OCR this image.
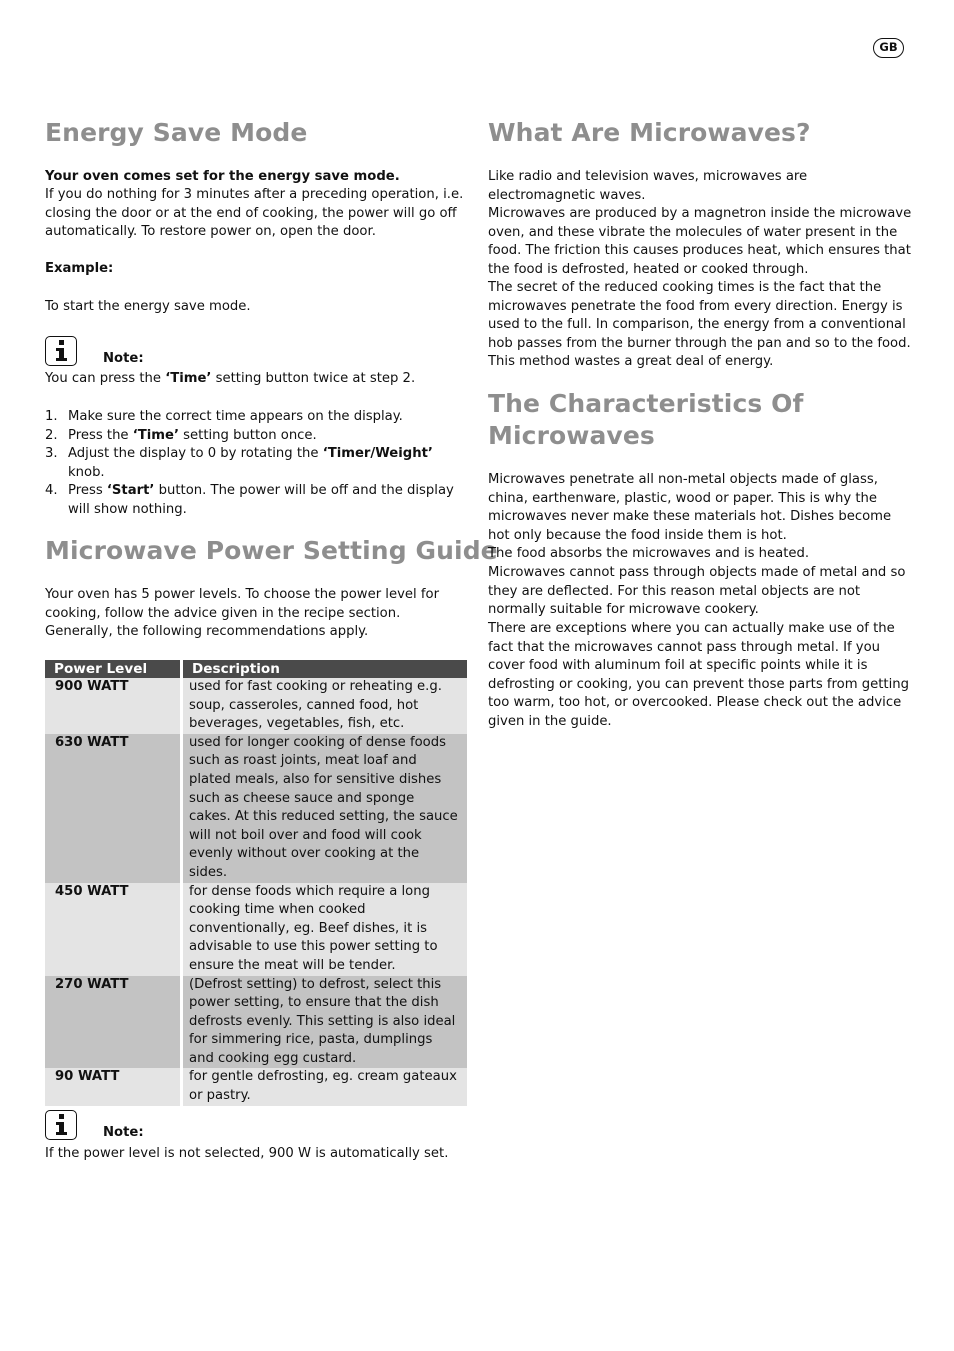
GB
Energy Save Mode

Your oven comes set for the energy save mode.

If you do nothing for 3 minutes after a preceding operation, i.e. closing the door or at the end of cooking, the power will go off automatically. To restore power on, open the door.

Example:

To start the energy save mode.

Note:

You can press the ‘Time’ setting button twice at step 2.

1. Make sure the correct time appears on the display.
2. Press the ‘Time’ setting button once.
3. Adjust the display to 0 by rotating the ‘Timer/Weight’ knob.
4. Press ‘Start’ button. The power will be off and the display will show nothing.
Microwave Power Setting Guide

Your oven has 5 power levels. To choose the power level for cooking, follow the advice given in the recipe section. Generally, the following recommendations apply.

Power Level	Description
900 WATT	used for fast cooking or reheating e.g. soup, casseroles, canned food, hot beverages, vegetables, fish, etc.
630 WATT	used for longer cooking of dense foods such as roast joints, meat loaf and plated meals, also for sensitive dishes such as cheese sauce and sponge cakes. At this reduced setting, the sauce will not boil over and food will cook evenly without over cooking at the sides.
450 WATT	for dense foods which require a long cooking time when cooked conventionally, eg. Beef dishes, it is advisable to use this power setting to ensure the meat will be tender.
270 WATT	(Defrost setting) to defrost, select this power setting, to ensure that the dish defrosts evenly. This setting is also ideal for simmering rice, pasta, dumplings and cooking egg custard.
90 WATT	for gentle defrosting, eg. cream gateaux or pastry.
Note:

If the power level is not selected, 900 W is automatically set.

What Are Microwaves?

Like radio and television waves, microwaves are electromagnetic waves.

Microwaves are produced by a magnetron inside the microwave oven, and these vibrate the molecules of water present in the food. The friction this causes produces heat, which ensures that the food is defrosted, heated or cooked through.

The secret of the reduced cooking times is the fact that the microwaves penetrate the food from every direction. Energy is used to the full. In comparison, the energy from a conventional hob passes from the burner through the pan and so to the food. This method wastes a great deal of energy.

The Characteristics Of
Microwaves

Microwaves penetrate all non-metal objects made of glass, china, earthenware, plastic, wood or paper. This is why the microwaves never make these materials hot. Dishes become hot only because the food inside them is hot.

The food absorbs the microwaves and is heated.

Microwaves cannot pass through objects made of metal and so they are deflected. For this reason metal objects are not normally suitable for microwave cookery.

There are exceptions where you can actually make use of the fact that the microwaves cannot pass through metal. If you cover food with aluminum foil at specific points while it is defrosting or cooking, you can prevent those parts from getting too warm, too hot, or overcooked. Please check out the advice given in the guide.
